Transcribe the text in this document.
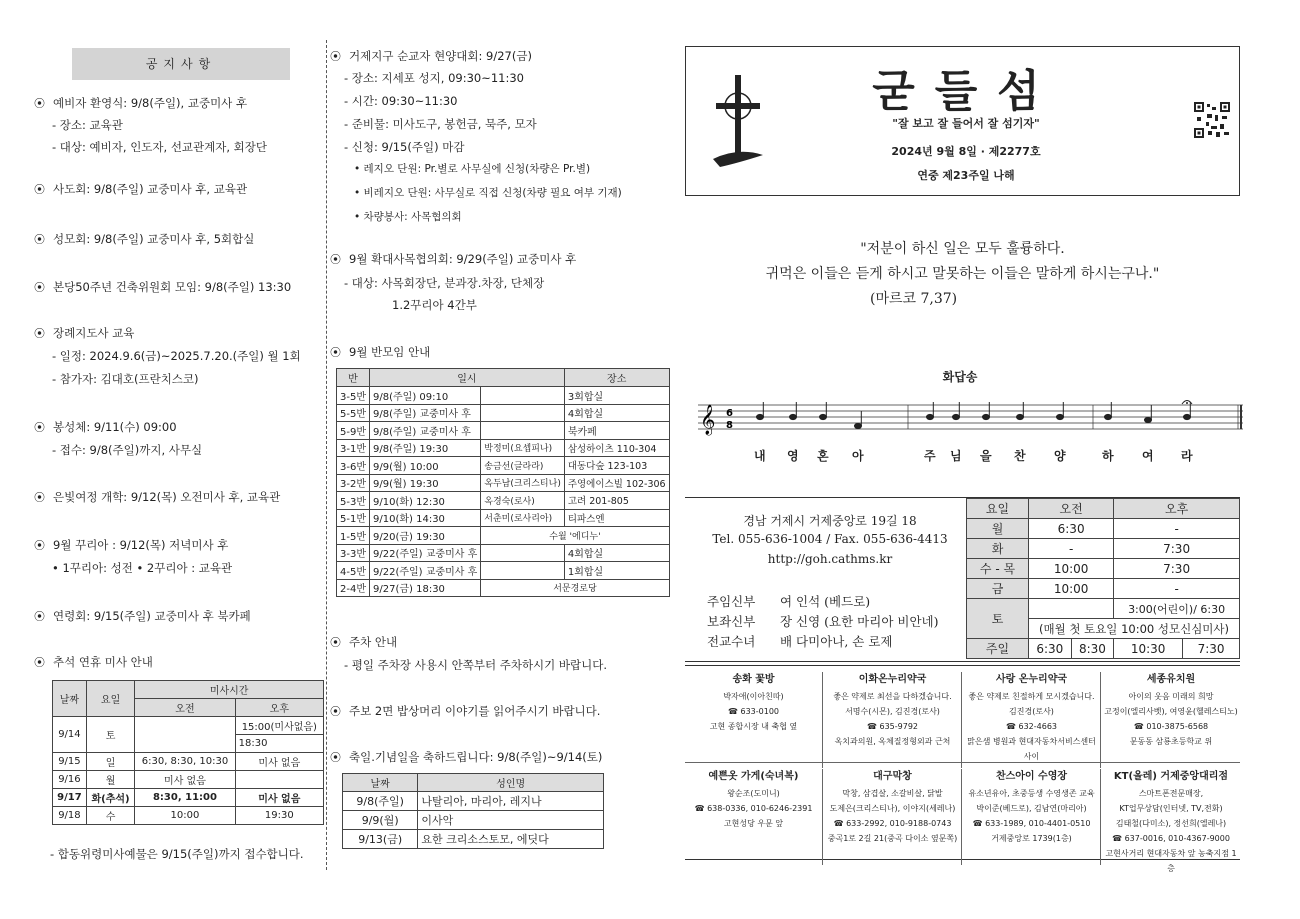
공지사항
⦿ 예비자 환영식: 9/8(주일), 교중미사 후
- 장소: 교육관
- 대상: 예비자, 인도자, 선교관계자, 회장단
⦿ 사도회: 9/8(주일) 교중미사 후, 교육관
⦿ 성모회: 9/8(주일) 교중미사 후, 5회합실
⦿ 본당50주년 건축위원회 모임: 9/8(주일) 13:30
⦿ 장례지도사 교육
- 일정: 2024.9.6(금)~2025.7.20.(주일) 월 1회
- 참가자: 김대호(프란치스코)
⦿ 봉성체: 9/11(수) 09:00
- 접수: 9/8(주일)까지, 사무실
⦿ 은빛여정 개학: 9/12(목) 오전미사 후, 교육관
⦿ 9월 꾸리아 : 9/12(목) 저녁미사 후
• 1꾸리아: 성전 • 2꾸리아 : 교육관
⦿ 연령회: 9/15(주일) 교중미사 후 북카페
⦿ 추석 연휴 미사 안내
날짜	요일	미사시간	
		오전	오후
9/14	토		15:00(미사없음)
			18:30
9/15	일	6:30, 8:30, 10:30	미사 없음
9/16	월	미사 없음	
9/17	화(추석)	8:30, 11:00	미사 없음
9/18	수	10:00	19:30
- 합동위령미사예물은 9/15(주일)까지 접수합니다.
⦿ 거제지구 순교자 현양대회: 9/27(금)
- 장소: 지세포 성지, 09:30~11:30
- 시간: 09:30~11:30
- 준비물: 미사도구, 봉헌금, 묵주, 모자
- 신청: 9/15(주일) 마감
• 레지오 단원: Pr.별로 사무실에 신청(차량은 Pr.별)
• 비레지오 단원: 사무실로 직접 신청(차량 필요 여부 기재)
• 차량봉사: 사목협의회
⦿ 9월 확대사목협의회: 9/29(주일) 교중미사 후
- 대상: 사목회장단, 분과장.차장, 단체장
1.2꾸리아 4간부
⦿ 9월 반모임 안내
⦿ 주차 안내
- 평일 주차장 사용시 안쪽부터 주차하시기 바랍니다.
⦿ 주보 2면 밥상머리 이야기를 읽어주시기 바랍니다.
⦿ 축일.기념일을 축하드립니다: 9/8(주일)~9/14(토)
반	일시		장소
3-5반	9/8(주일) 09:10		3회합실
5-5반	9/8(주일) 교중미사 후		4회합실
5-9반	9/8(주일) 교중미사 후		북카페
3-1반	9/8(주일) 19:30	박정미(요셉피나)	삼성하이츠 110-304
3-6반	9/9(월) 10:00	송금선(글라라)	대동다숲 123-103
3-2반	9/9(월) 19:30	옥두남(크리스티나)	주영에이스빌 102-306
5-3반	9/10(화) 12:30	옥경숙(로사)	고려 201-805
5-1반	9/10(화) 14:30	서춘미(로사리아)	티파스엔
1-5반	9/20(금) 19:30	수월 '에디누'	
3-3반	9/22(주일) 교중미사 후		4회합실
4-5반	9/22(주일) 교중미사 후		1회합실
2-4반	9/27(금) 18:30	서문경로당	
날짜	성인명
9/8(주일)	나탈리아, 마리아, 레지나
9/9(월)	이사악
9/13(금)	요한 크리소스토모, 에딧다
굳들섬
"잘 보고 잘 들어서 잘 섬기자"
2024년 9월 8일 · 제2277호
연중 제23주일 나해
"저분이 하신 일은 모두 훌륭하다.
귀먹은 이들은 듣게 하시고 말못하는 이들은 말하게 하시는구나."
(마르코 7,37)
화답송
𝄞 6
8
내 영 혼 아	주 님 을 찬 양	하 여 라
경남 거제시 거제중앙로 19길 18
Tel. 055-636-1004 / Fax. 055-636-4413
http://goh.cathms.kr
주임신부 여 인석 (베드로)
보좌신부 장 신영 (요한 마리아 비안네)
전교수녀 배 다미아나, 손 로제
요일	오전		오후	
월	6:30		-	
화	-		7:30	
수 - 목	10:00		7:30	
금	10:00		-	
토			3:00(어린이)/ 6:30	
	(매월 첫 토요일 10:00 성모신심미사)			
주일	6:30	8:30	10:30	7:30
송화 꽃방
박자애(이아친따)
☎ 633-0100
고현 종합시장 내 축협 옆
이화온누리약국
좋은 약제로 최선을 다하겠습니다.
서명수(시몬), 김진경(로사)
☎ 635-9792
옥치과의원, 옥체질정형외과 근처
사랑 온누리약국
좋은 약제로 친절하게 모시겠습니다.
김진경(로사)
☎ 632-4663
맑은샘 병원과 현대자동차서비스센터 사이
세종유치원
아이의 웃음 미래의 희망
고정이(엘리사벳), 여영윤(헬레스티노)
☎ 010-3875-6568
문동동 삼룡초등학교 위
예쁜옷 가게(숙녀복)
왕순조(도미니)
☎ 638-0336, 010-6246-2391
고현성당 우문 앞
대구막창
막창, 삼겹살, 소갈비살, 닭발
도제은(크리스티나), 이야지(세레나)
☎ 633-2992, 010-9188-0743
중곡1로 2길 21(중곡 다이소 옆문쪽)
찬스아이 수영장
유소년유아, 초중등생 수영생존 교육
박이준(베드로), 김남연(마리아)
☎ 633-1989, 010-4401-0510
거제중앙로 1739(1층)
KT(올레) 거제중앙대리점
스마트폰전문매장,
KT업무상담(인터넷, TV,전화)
김태철(다미소), 정선희(엘레나)
☎ 637-0016, 010-4367-9000
고현사거리 현대자동차 앞 농축지점 1층
